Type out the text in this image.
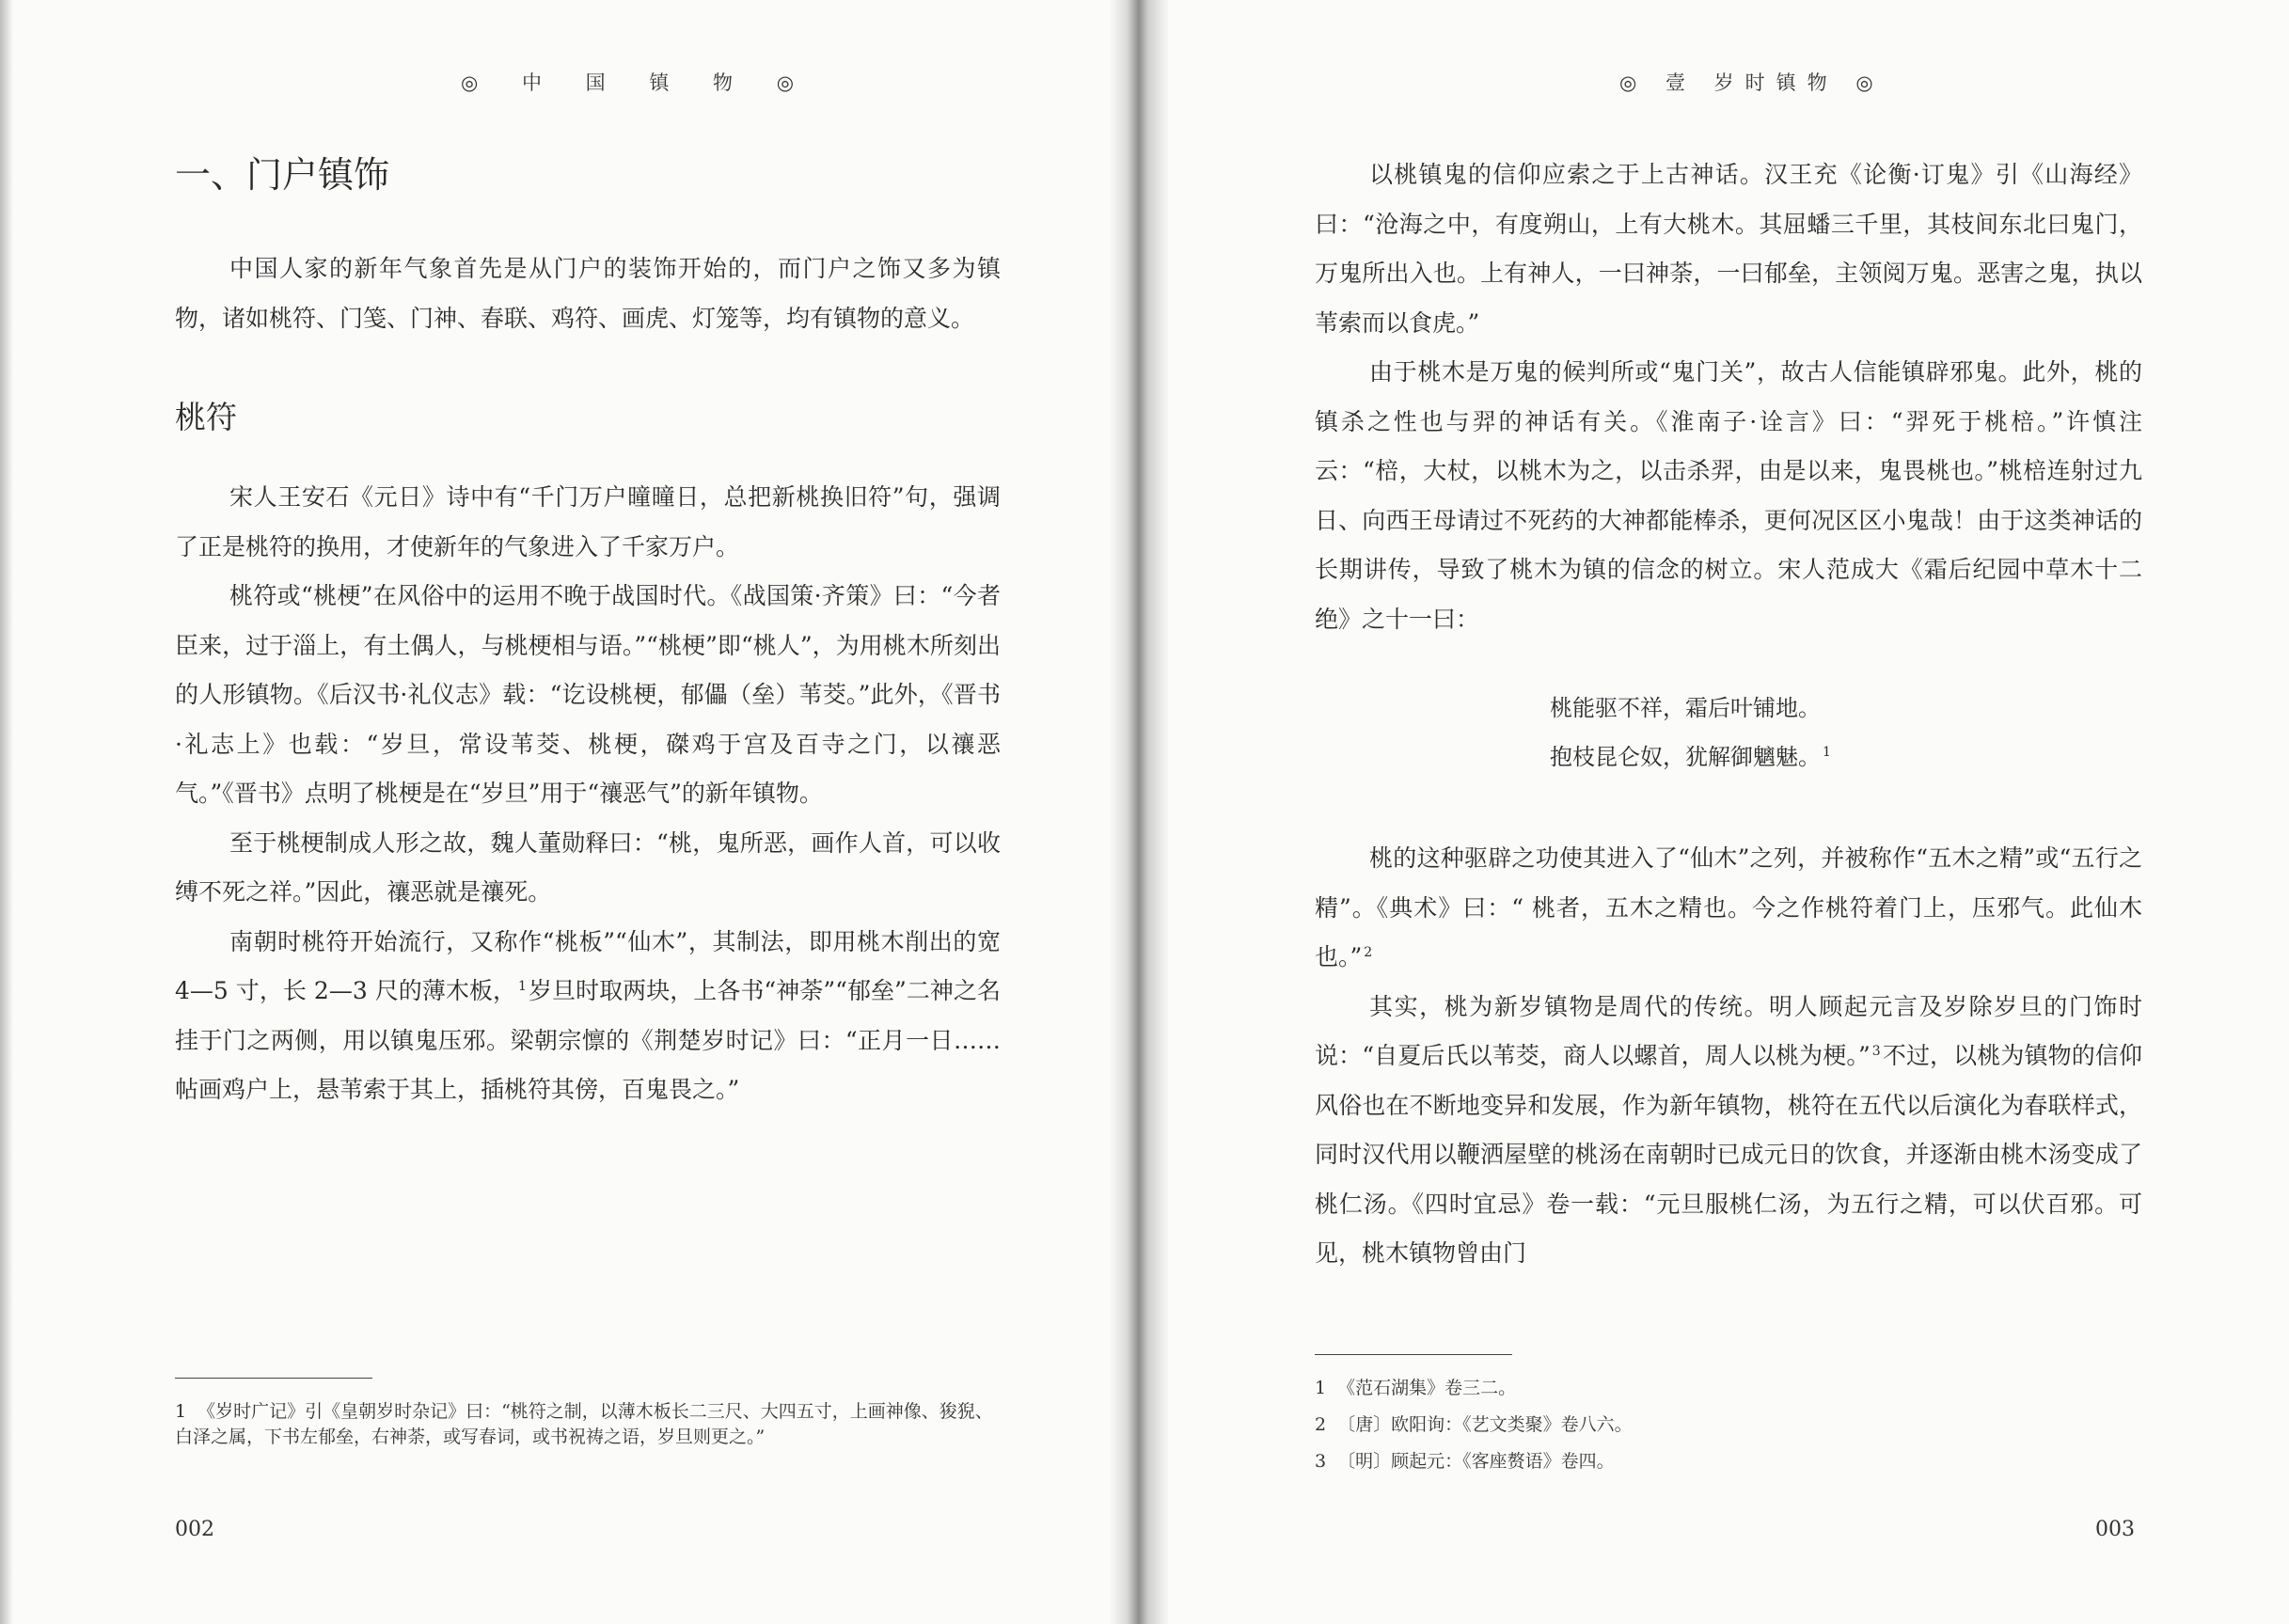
◎ 中 国 镇 物 ◎
一、门户镇饰

中国人家的新年气象首先是从门户的装饰开始的，而门户之饰又多为镇物，诸如桃符、门笺、门神、春联、鸡符、画虎、灯笼等，均有镇物的意义。

桃符

宋人王安石《元日》诗中有“千门万户曈曈日，总把新桃换旧符”句，强调了正是桃符的换用，才使新年的气象进入了千家万户。

桃符或“桃梗”在风俗中的运用不晚于战国时代。《战国策·齐策》曰：“今者臣来，过于淄上，有土偶人，与桃梗相与语。”“桃梗”即“桃人”，为用桃木所刻出的人形镇物。《后汉书·礼仪志》载：“讫设桃梗，郁儡（垒）苇茭。”此外，《晋书·礼志上》也载：“岁旦，常设苇茭、桃梗，磔鸡于宫及百寺之门，以禳恶气。”《晋书》点明了桃梗是在“岁旦”用于“禳恶气”的新年镇物。

至于桃梗制成人形之故，魏人董勋释曰：“桃，鬼所恶，画作人首，可以收缚不死之祥。”因此，禳恶就是禳死。

南朝时桃符开始流行，又称作“桃板”“仙木”，其制法，即用桃木削出的宽 4—5 寸，长 2—3 尺的薄木板， $^1$岁旦时取两块，上各书“神荼”“郁垒”二神之名挂于门之两侧，用以镇鬼压邪。梁朝宗懔的《荆楚岁时记》曰：“正月一日……帖画鸡户上，悬苇索于其上，插桃符其傍，百鬼畏之。”

1 《岁时广记》引《皇朝岁时杂记》曰：“桃符之制，以薄木板长二三尺、大四五寸，上画神像、狻猊、白泽之属，下书左郁垒，右神荼，或写春词，或书祝祷之语，岁旦则更之。”
002
◎ 壹 岁时镇物 ◎

以桃镇鬼的信仰应索之于上古神话。汉王充《论衡·订鬼》引《山海经》曰：“沧海之中，有度朔山，上有大桃木。其屈蟠三千里，其枝间东北曰鬼门，万鬼所出入也。上有神人，一曰神荼，一曰郁垒，主领阅万鬼。恶害之鬼，执以苇索而以食虎。”

由于桃木是万鬼的候判所或“鬼门关”，故古人信能镇辟邪鬼。此外，桃的镇杀之性也与羿的神话有关。《淮南子·诠言》曰：“羿死于桃棓。”许慎注云：“棓，大杖，以桃木为之，以击杀羿，由是以来，鬼畏桃也。”桃棓连射过九日、向西王母请过不死药的大神都能棒杀，更何况区区小鬼哉！由于这类神话的长期讲传，导致了桃木为镇的信念的树立。宋人范成大《霜后纪园中草木十二绝》之十一曰：

桃能驱不祥，霜后叶铺地。
抱枝昆仑奴，犹解御魑魅。 $^1$

桃的这种驱辟之功使其进入了“仙木”之列，并被称作“五木之精”或“五行之精”。《典术》曰：“ 桃者，五木之精也。今之作桃符着门上，压邪气。此仙木也。” $^2$

其实，桃为新岁镇物是周代的传统。明人顾起元言及岁除岁旦的门饰时说：“自夏后氏以苇茭，商人以螺首，周人以桃为梗。” $^3$不过，以桃为镇物的信仰风俗也在不断地变异和发展，作为新年镇物，桃符在五代以后演化为春联样式，同时汉代用以鞭洒屋壁的桃汤在南朝时已成元日的饮食，并逐渐由桃木汤变成了桃仁汤。《四时宜忌》卷一载：“元旦服桃仁汤，为五行之精，可以伏百邪。可见，桃木镇物曾由门

1 《范石湖集》卷三二。
2 〔唐〕欧阳询：《艺文类聚》卷八六。
3 〔明〕顾起元：《客座赘语》卷四。
003
